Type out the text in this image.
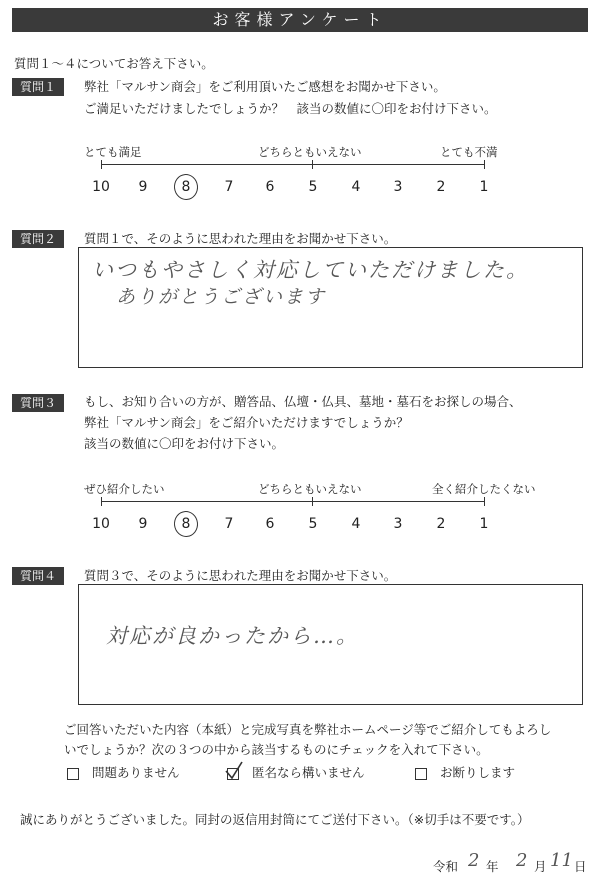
お客様アンケート
質問１～４についてお答え下さい。
質問１	弊社「マルサン商会」をご利用頂いたご感想をお聞かせ下さい。
ご満足いただけましたでしょうか？　該当の数値に〇印をお付け下さい。
とても満足	どちらともいえない	とても不満
10	9	8	7	6	5	4	3	2	1
質問２	質問１で、そのように思われた理由をお聞かせ下さい。
いつもやさしく対応していただけました。
ありがとうございます
質問３	もし、お知り合いの方が、贈答品、仏壇・仏具、墓地・墓石をお探しの場合、
弊社「マルサン商会」をご紹介いただけますでしょうか？
該当の数値に〇印をお付け下さい。
ぜひ紹介したい	どちらともいえない	全く紹介したくない
10	9	8	7	6	5	4	3	2	1
質問４	質問３で、そのように思われた理由をお聞かせ下さい。
対応が良かったから…。
ご回答いただいた内容（本紙）と完成写真を弊社ホームページ等でご紹介してもよろし
いでしょうか？次の３つの中から該当するものにチェックを入れて下さい。
問題ありません	匿名なら構いません	お断りします
誠にありがとうございました。同封の返信用封筒にてご送付下さい。（※切手は不要です。）
令和 2 年 2 月 11 日
